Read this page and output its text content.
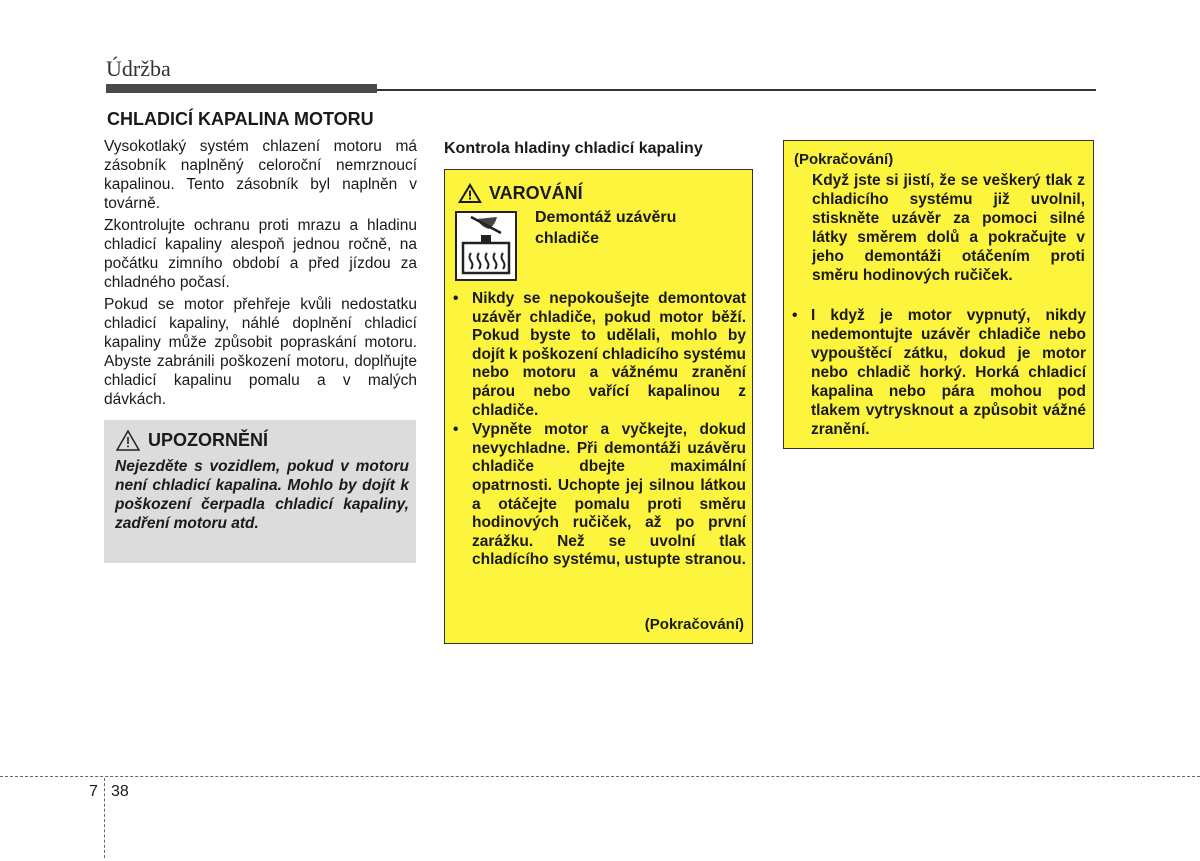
Údržba
CHLADICÍ KAPALINA MOTORU

Vysokotlaký systém chlazení motoru má zásobník naplněný celoroční nemrznoucí kapalinou. Tento zásobník byl naplněn v továrně.

Zkontrolujte ochranu proti mrazu a hladinu chladicí kapaliny alespoň jednou ročně, na počátku zimního období a před jízdou za chladného počasí.

Pokud se motor přehřeje kvůli nedostatku chladicí kapaliny, náhlé doplnění chladicí kapaliny může způsobit popraskání motoru. Abyste zabránili poškození motoru, doplňujte chladicí kapalinu pomalu a v malých dávkách.

UPOZORNĚNÍ
Nejezděte s vozidlem, pokud v motoru není chladicí kapalina. Mohlo by dojít k poškození čerpadla chladicí kapaliny, zadření motoru atd.
Kontrola hladiny chladicí kapaliny
VAROVÁNÍ
Demontáž uzávěru chladiče
• Nikdy se nepokoušejte demontovat uzávěr chladiče, pokud motor běží. Pokud byste to udělali, mohlo by dojít k poškození chladicího systému nebo motoru a vážnému zranění párou nebo vařící kapalinou z chladiče.
• Vypněte motor a vyčkejte, dokud nevychladne. Při demontáži uzávěru chladiče dbejte maximální opatrnosti. Uchopte jej silnou látkou a otáčejte pomalu proti směru hodinových ručiček, až po první zarážku. Než se uvolní tlak chladícího systému, ustupte stranou.
(Pokračování)
(Pokračování)
Když jste si jistí, že se veškerý tlak z chladicího systému již uvolnil, stiskněte uzávěr za pomoci silné látky směrem dolů a pokračujte v jeho demontáži otáčením proti směru hodinových ručiček.
• I když je motor vypnutý, nikdy nedemontujte uzávěr chladiče nebo vypouštěcí zátku, dokud je motor nebo chladič horký. Horká chladicí kapalina nebo pára mohou pod tlakem vytrysknout a způsobit vážné zranění.
7 38
